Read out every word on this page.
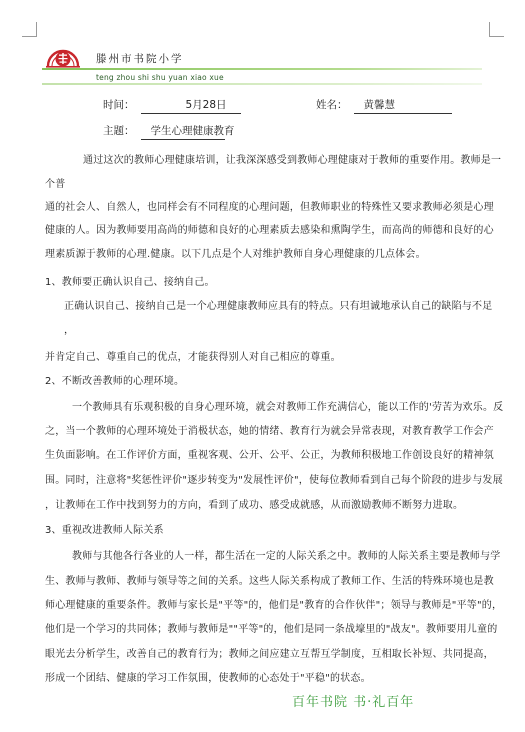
滕州市书院小学
teng zhou shi shu yuan xiao xue
时间：	5月28日	姓名： 黄馨慧
主题： 学生心理健康教育
通过这次的教师心理健康培训，让我深深感受到教师心理健康对于教师的重要作用。教师是一
个普
通的社会人、自然人，也同样会有不同程度的心理问题，但教师职业的特殊性又要求教师必须是心理
健康的人。因为教师要用高尚的师德和良好的心理素质去感染和熏陶学生，而高尚的师德和良好的心
理素质源于教师的心理.健康。以下几点是个人对维护教师自身心理健康的几点体会。
1、教师要正确认识自己、接纳自己。
正确认识自己、接纳自己是一个心理健康教师应具有的特点。只有坦诚地承认自己的缺陷与不足
，
并肯定自己、尊重自己的优点，才能获得别人对自己相应的尊重。
2、不断改善教师的心理环境。
一个教师具有乐观积极的自身心理环境，就会对教师工作充满信心，能以工作的'劳苦为欢乐。反
之，当一个教师的心理环境处于消极状态，她的情绪、教育行为就会异常表现，对教育教学工作会产
生负面影响。在工作评价方面，重视客观、公开、公平、公正，为教师积极地工作创设良好的精神氛
围。同时，注意将"奖惩性评价"逐步转变为"发展性评价"，使每位教师看到自己每个阶段的进步与发展
，让教师在工作中找到努力的方向，看到了成功、感受成就感，从而激励教师不断努力进取。
3、重视改进教师人际关系
教师与其他各行各业的人一样，都生活在一定的人际关系之中。教师的人际关系主要是教师与学
生、教师与教师、教师与领导等之间的关系。这些人际关系构成了教师工作、生活的特殊环境也是教
师心理健康的重要条件。教师与家长是"平等"的，他们是"教育的合作伙伴"；领导与教师是"平等"的，
他们是一个学习的共同体；教师与教师是""平等"的，他们是同一条战壕里的"战友"。教师要用儿童的
眼光去分析学生，改善自己的教育行为；教师之间应建立互帮互学制度，互相取长补短、共同提高，
形成一个团结、健康的学习工作氛围，使教师的心态处于"平稳"的状态。
百年书院 书·礼百年
